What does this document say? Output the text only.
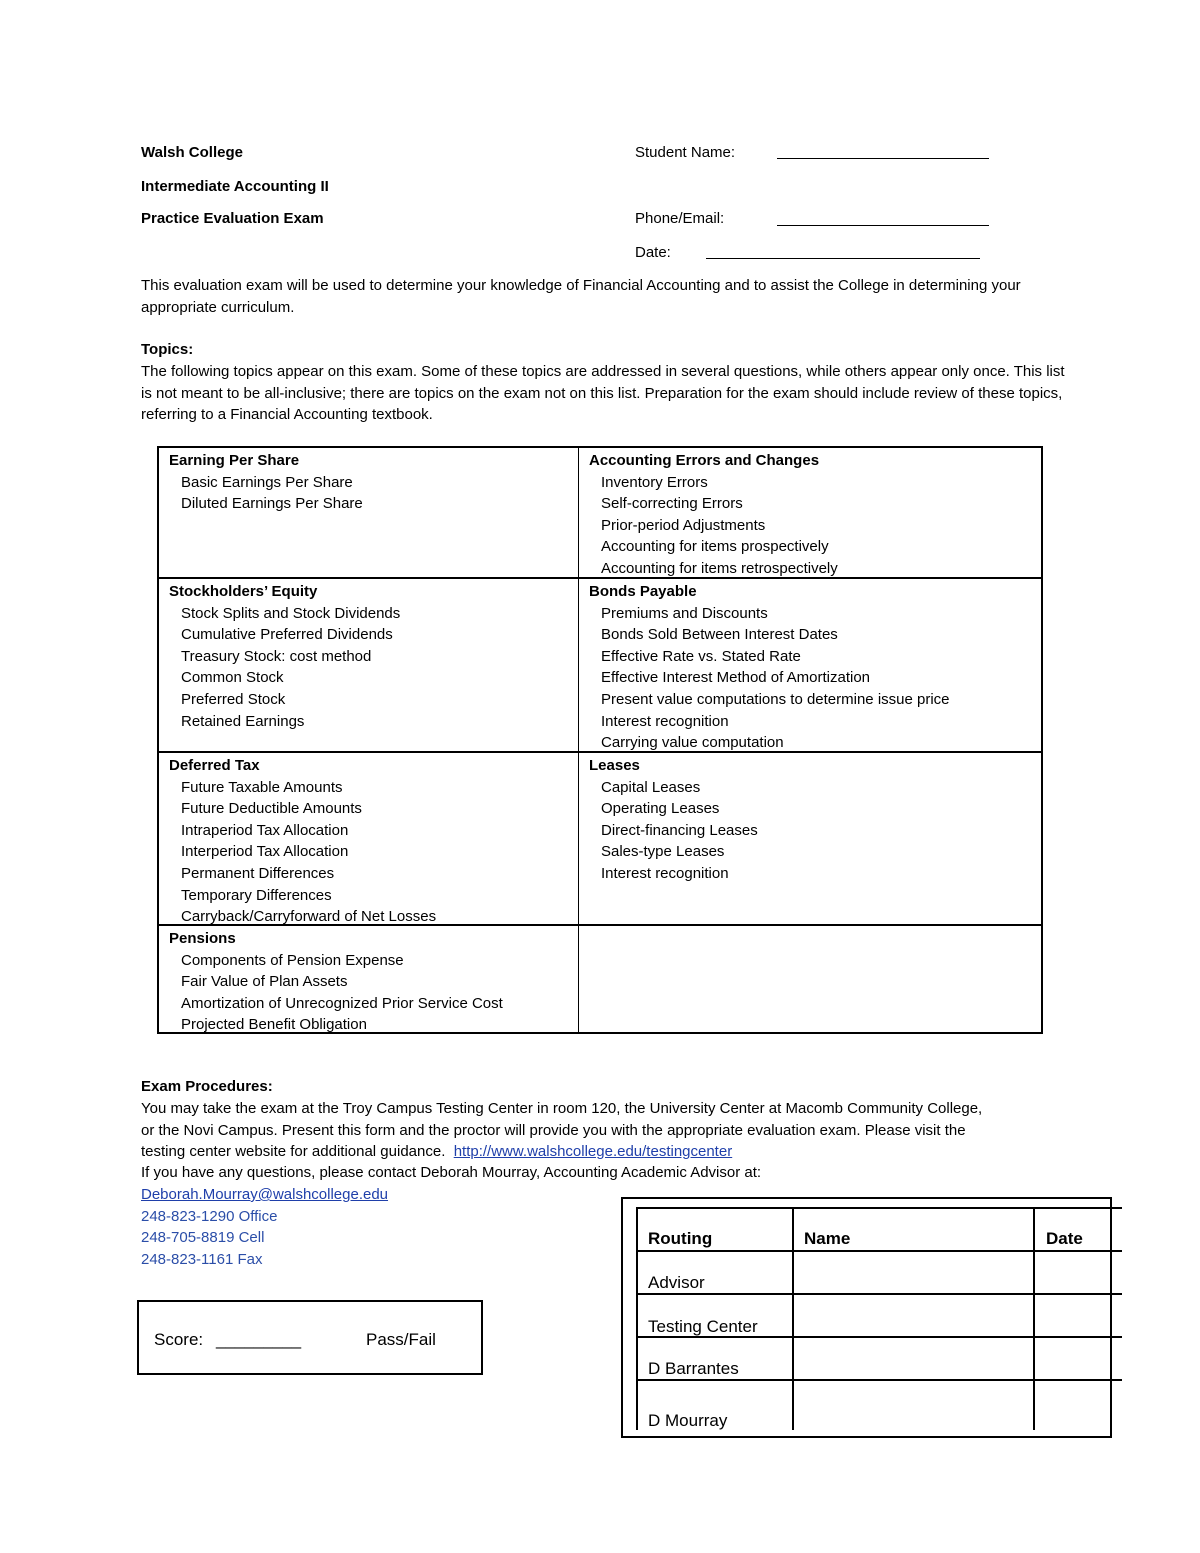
Walsh College
Intermediate Accounting II
Practice Evaluation Exam
Student Name:
Phone/Email:
Date:
This evaluation exam will be used to determine your knowledge of Financial Accounting and to assist the College in determining your appropriate curriculum.
Topics:
The following topics appear on this exam. Some of these topics are addressed in several questions, while others appear only once. This list is not meant to be all-inclusive; there are topics on the exam not on this list. Preparation for the exam should include review of these topics, referring to a Financial Accounting textbook.
Earning Per Share
Basic Earnings Per Share
Diluted Earnings Per Share
Accounting Errors and Changes
Inventory Errors
Self-correcting Errors
Prior-period Adjustments
Accounting for items prospectively
Accounting for items retrospectively
Stockholders’ Equity
Stock Splits and Stock Dividends
Cumulative Preferred Dividends
Treasury Stock: cost method
Common Stock
Preferred Stock
Retained Earnings
Bonds Payable
Premiums and Discounts
Bonds Sold Between Interest Dates
Effective Rate vs. Stated Rate
Effective Interest Method of Amortization
Present value computations to determine issue price
Interest recognition
Carrying value computation
Deferred Tax
Future Taxable Amounts
Future Deductible Amounts
Intraperiod Tax Allocation
Interperiod Tax Allocation
Permanent Differences
Temporary Differences
Carryback/Carryforward of Net Losses
Leases
Capital Leases
Operating Leases
Direct-financing Leases
Sales-type Leases
Interest recognition
Pensions
Components of Pension Expense
Fair Value of Plan Assets
Amortization of Unrecognized Prior Service Cost
Projected Benefit Obligation
Exam Procedures:
You may take the exam at the Troy Campus Testing Center in room 120, the University Center at Macomb Community College,
or the Novi Campus. Present this form and the proctor will provide you with the appropriate evaluation exam. Please visit the
testing center website for additional guidance.  http://www.walshcollege.edu/testingcenter
If you have any questions, please contact Deborah Mourray, Accounting Academic Advisor at:
Deborah.Mourray@walshcollege.edu
248-823-1290 Office
248-705-8819 Cell
248-823-1161 Fax
Score: _________	Pass/Fail
Routing	Name	Date
Advisor
Testing Center
D Barrantes
D Mourray
